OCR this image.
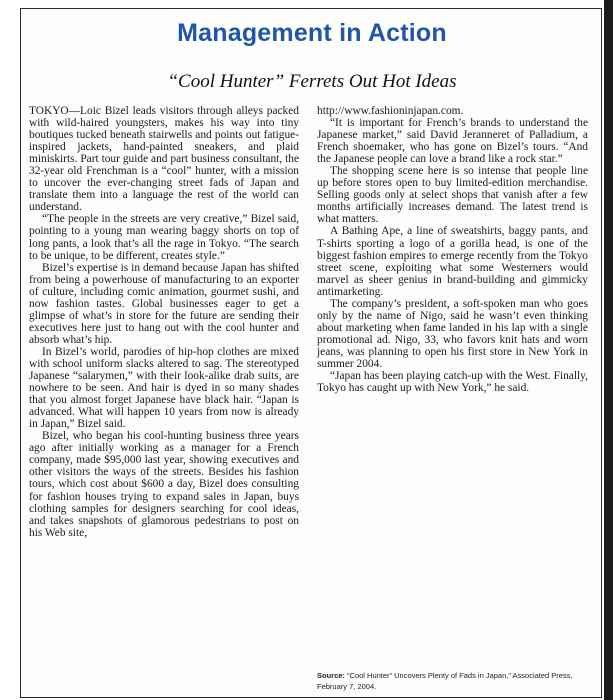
Management in Action
“Cool Hunter” Ferrets Out Hot Ideas

TOKYO—Loic Bizel leads visitors through alleys packed with wild-haired youngsters, makes his way into tiny boutiques tucked beneath stairwells and points out fatigue-inspired jackets, hand-painted sneakers, and plaid miniskirts. Part tour guide and part business consultant, the 32-year old Frenchman is a “cool” hunter, with a mission to uncover the ever-changing street fads of Japan and translate them into a language the rest of the world can understand.

“The people in the streets are very creative,” Bizel said, pointing to a young man wearing baggy shorts on top of long pants, a look that’s all the rage in Tokyo. “The search to be unique, to be different, creates style.”

Bizel’s expertise is in demand because Japan has shifted from being a powerhouse of manufacturing to an exporter of culture, including comic animation, gourmet sushi, and now fashion tastes. Global businesses eager to get a glimpse of what’s in store for the future are sending their executives here just to hang out with the cool hunter and absorb what’s hip.

In Bizel’s world, parodies of hip-hop clothes are mixed with school uniform slacks altered to sag. The stereotyped Japanese “salarymen,” with their look-alike drab suits, are nowhere to be seen. And hair is dyed in so many shades that you almost forget Japanese have black hair. “Japan is advanced. What will happen 10 years from now is already in Japan,” Bizel said.

Bizel, who began his cool-hunting business three years ago after initially working as a manager for a French company, made $95,000 last year, showing executives and other visitors the ways of the streets. Besides his fashion tours, which cost about $600 a day, Bizel does consulting for fashion houses trying to expand sales in Japan, buys clothing samples for designers searching for cool ideas, and takes snapshots of glamorous pedestrians to post on his Web site,

http://www.fashioninjapan.com.

“It is important for French’s brands to understand the Japanese market,” said David Jeranneret of Palladium, a French shoemaker, who has gone on Bizel’s tours. “And the Japanese people can love a brand like a rock star.”

The shopping scene here is so intense that people line up before stores open to buy limited-edition merchandise. Selling goods only at select shops that vanish after a few months artificially increases demand. The latest trend is what matters.

A Bathing Ape, a line of sweatshirts, baggy pants, and T-shirts sporting a logo of a gorilla head, is one of the biggest fashion empires to emerge recently from the Tokyo street scene, exploiting what some Westerners would marvel as sheer genius in brand-building and gimmicky antimarketing.

The company’s president, a soft-spoken man who goes only by the name of Nigo, said he wasn’t even thinking about marketing when fame landed in his lap with a single promotional ad. Nigo, 33, who favors knit hats and worn jeans, was planning to open his first store in New York in summer 2004.

“Japan has been playing catch-up with the West. Finally, Tokyo has caught up with New York,” he said.

Source: “Cool Hunter” Uncovers Plenty of Fads in Japan,” Associated Press, February 7, 2004.
